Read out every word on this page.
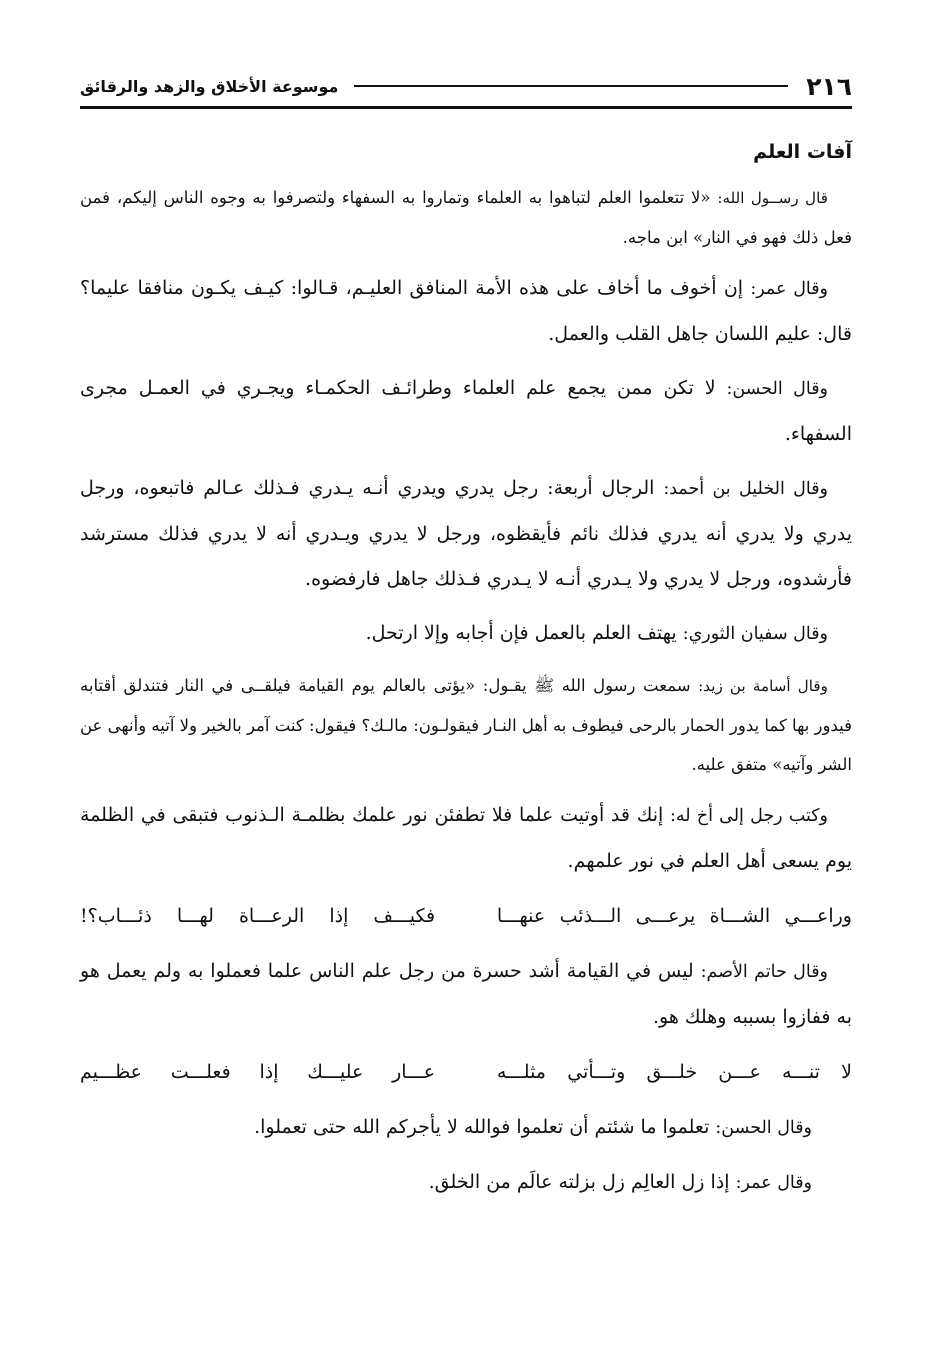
٢١٦
موسوعة الأخلاق والزهد والرقائق
آفات العلم

قال رســول الله: «لا تتعلموا العلم لتباهوا به العلماء وتماروا به السفهاء ولتصرفوا به وجوه الناس إليكم، فمن فعل ذلك فهو في النار» ابن ماجه.

وقال عمر: إن أخوف ما أخاف على هذه الأمة المنافق العليـم، قـالوا: كيـف يكـون منافقا عليما؟ قال: عليم اللسان جاهل القلب والعمل.

وقال الحسن: لا تكن ممن يجمع علم العلماء وطرائـف الحكمـاء ويجـري في العمـل مجرى السفهاء.

وقال الخليل بن أحمد: الرجال أربعة: رجل يدري ويدري أنـه يـدري فـذلك عـالم فاتبعوه، ورجل يدري ولا يدري أنه يدري فذلك نائم فأيقظوه، ورجل لا يدري ويـدري أنه لا يدري فذلك مسترشد فأرشدوه، ورجل لا يدري ولا يـدري أنـه لا يـدري فـذلك جاهل فارفضوه.

وقال سفيان الثوري: يهتف العلم بالعمل فإن أجابه وإلا ارتحل.

وقال أسامة بن زيد: سمعت رسول الله ﷺ يقـول: «يؤتى بالعالم يوم القيامة فيلقــى في النار فتندلق أقتابه فيدور بها كما يدور الحمار بالرحى فيطوف به أهل النـار فيقولـون: مالـك؟ فيقول: كنت آمر بالخير ولا آتيه وأنهى عن الشر وآتيه» متفق عليه.

وكتب رجل إلى أخ له: إنك قد أوتيت علما فلا تطفئن نور علمك بظلمـة الـذنوب فتبقى في الظلمة يوم يسعى أهل العلم في نور علمهم.

وراعـــي الشـــاة يرعـــى الـــذئب عنهـــا
فكيـــف إذا الرعـــاة لهـــا ذئـــاب؟!

وقال حاتم الأصم: ليس في القيامة أشد حسرة من رجل علم الناس علما فعملوا به ولم يعمل هو به ففازوا بسببه وهلك هو.

لا تنـــه عـــن خلـــق وتـــأتي مثلـــه
عـــار عليـــك إذا فعلـــت عظـــيم

وقال الحسن: تعلموا ما شئتم أن تعلموا فوالله لا يأجركم الله حتى تعملوا.

وقال عمر: إذا زل العالِم زل بزلته عالَم من الخلق.
